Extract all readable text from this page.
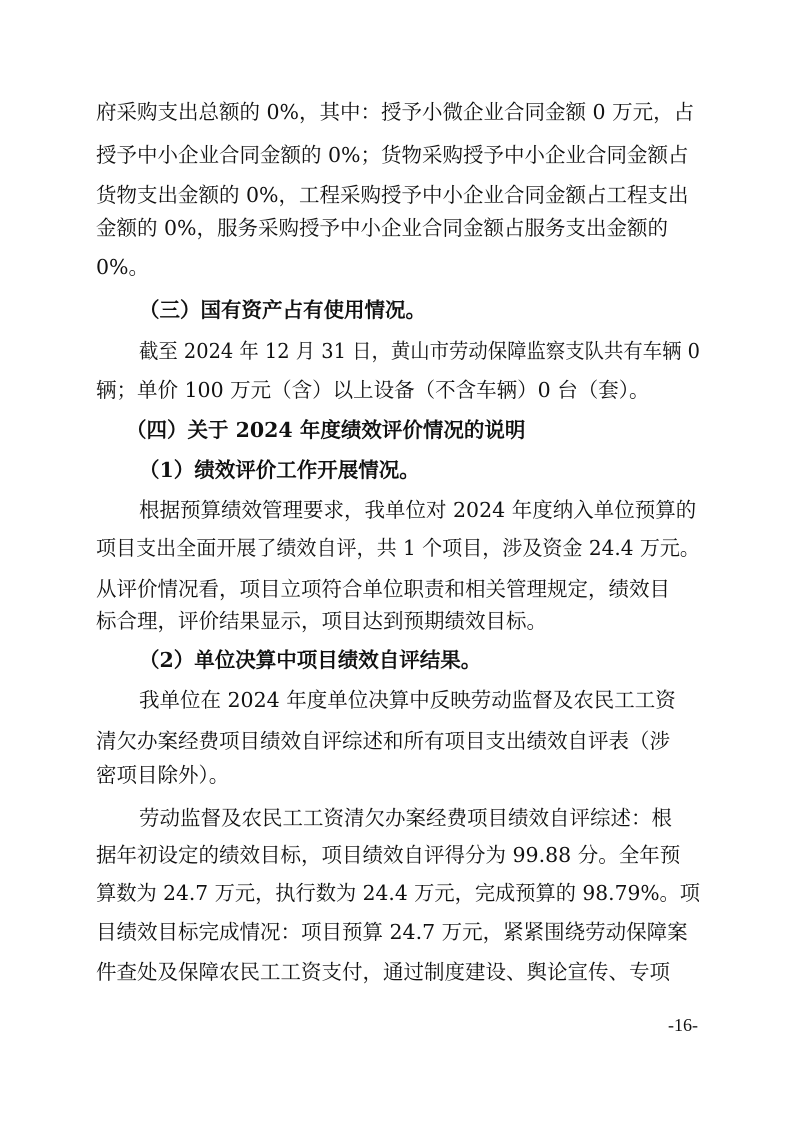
府采购支出总额的 0%，其中：授予小微企业合同金额 0 万元，占

授予中小企业合同金额的 0%；货物采购授予中小企业合同金额占

货物支出金额的 0%，工程采购授予中小企业合同金额占工程支出

金额的 0%，服务采购授予中小企业合同金额占服务支出金额的

0%。

（三）国有资产占有使用情况。

截至 2024 年 12 月 31 日，黄山市劳动保障监察支队共有车辆 0

辆；单价 100 万元（含）以上设备（不含车辆）0 台（套）。

（四）关于 2024 年度绩效评价情况的说明

（1）绩效评价工作开展情况。

根据预算绩效管理要求，我单位对 2024 年度纳入单位预算的

项目支出全面开展了绩效自评，共 1 个项目，涉及资金 24.4 万元。

从评价情况看，项目立项符合单位职责和相关管理规定，绩效目

标合理，评价结果显示，项目达到预期绩效目标。

（2）单位决算中项目绩效自评结果。

我单位在 2024 年度单位决算中反映劳动监督及农民工工资

清欠办案经费项目绩效自评综述和所有项目支出绩效自评表（涉

密项目除外）。

劳动监督及农民工工资清欠办案经费项目绩效自评综述：根

据年初设定的绩效目标，项目绩效自评得分为 99.88 分。全年预

算数为 24.7 万元，执行数为 24.4 万元，完成预算的 98.79%。项

目绩效目标完成情况：项目预算 24.7 万元，紧紧围绕劳动保障案

件查处及保障农民工工资支付，通过制度建设、舆论宣传、专项

-16-
